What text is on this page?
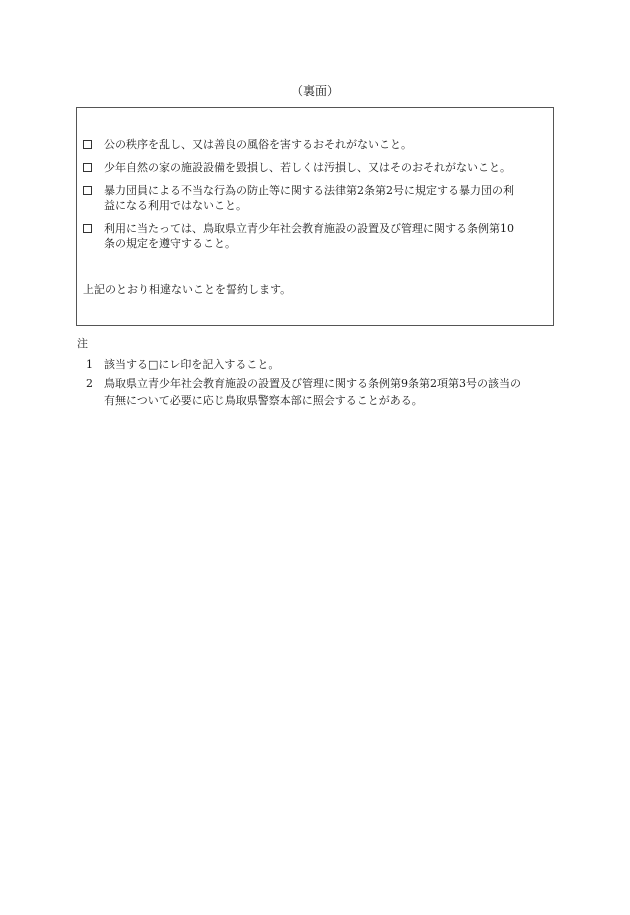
（裏面）
公の秩序を乱し、又は善良の風俗を害するおそれがないこと。
少年自然の家の施設設備を毀損し、若しくは汚損し、又はそのおそれがないこと。
暴力団員による不当な行為の防止等に関する法律第2条第2号に規定する暴力団の利
益になる利用ではないこと。
利用に当たっては、鳥取県立青少年社会教育施設の設置及び管理に関する条例第10
条の規定を遵守すること。
上記のとおり相違ないことを誓約します。
注
1	該当する□にレ印を記入すること。
2	鳥取県立青少年社会教育施設の設置及び管理に関する条例第9条第2項第3号の該当の
有無について必要に応じ鳥取県警察本部に照会することがある。
